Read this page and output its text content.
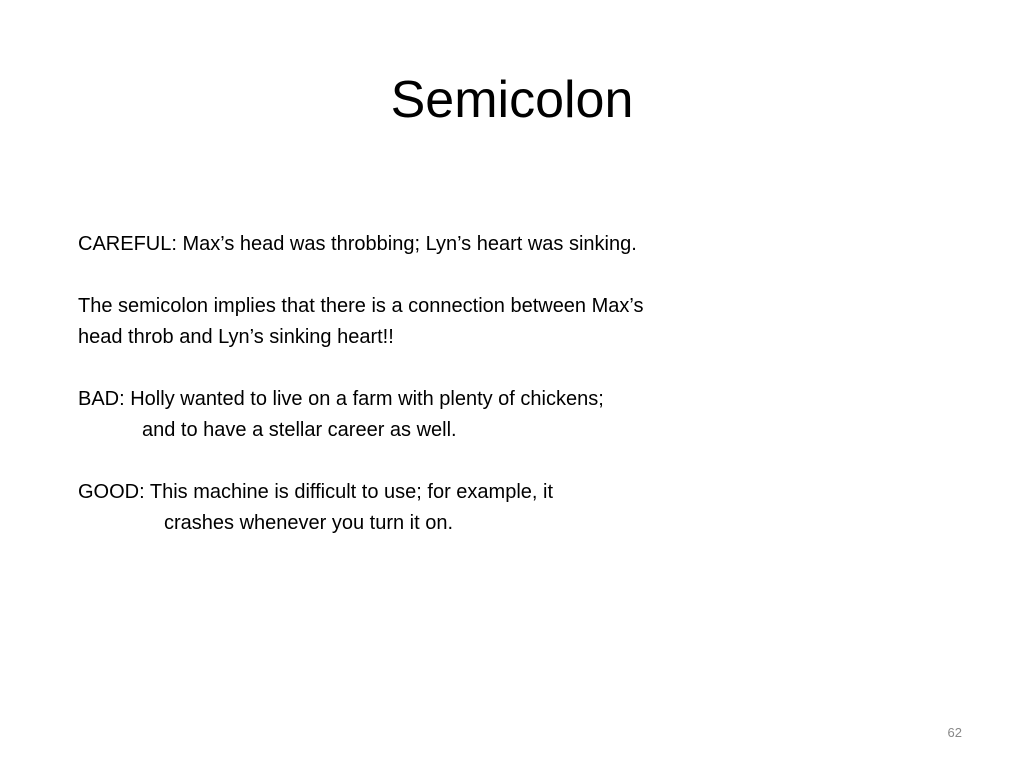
Semicolon
CAREFUL: Max’s head was throbbing; Lyn’s heart was sinking.
The semicolon implies that there is a connection between Max’s
head throb and Lyn’s sinking heart!!
BAD: Holly wanted to live on a farm with plenty of chickens;
and to have a stellar career as well.
GOOD: This machine is difficult to use; for example, it
crashes whenever you turn it on.
62
